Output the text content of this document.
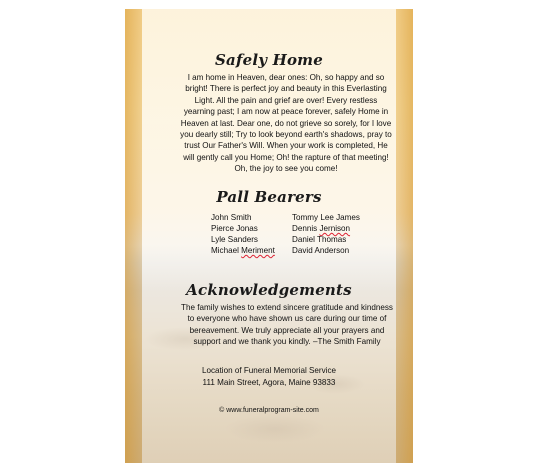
Safely Home

I am home in Heaven, dear ones: Oh, so happy and so
bright! There is perfect joy and beauty in this Everlasting
Light. All the pain and grief are over! Every restless
yearning past; I am now at peace forever, safely Home in
Heaven at last. Dear one, do not grieve so sorely, for I love
you dearly still; Try to look beyond earth's shadows, pray to
trust Our Father's Will. When your work is completed, He
will gently call you Home; Oh! the rapture of that meeting!
Oh, the joy to see you come!

Pall Bearers
John Smith
Pierce Jonas
Lyle Sanders
Michael Meriment
Tommy Lee James
Dennis Jernison
Daniel Thomas
David Anderson
Acknowledgements

The family wishes to extend sincere gratitude and kindness
to everyone who have shown us care during our time of
bereavement. We truly appreciate all your prayers and
support and we thank you kindly. –The Smith Family

Location of Funeral Memorial Service
111 Main Street, Agora, Maine 93833
© www.funeralprogram-site.com
